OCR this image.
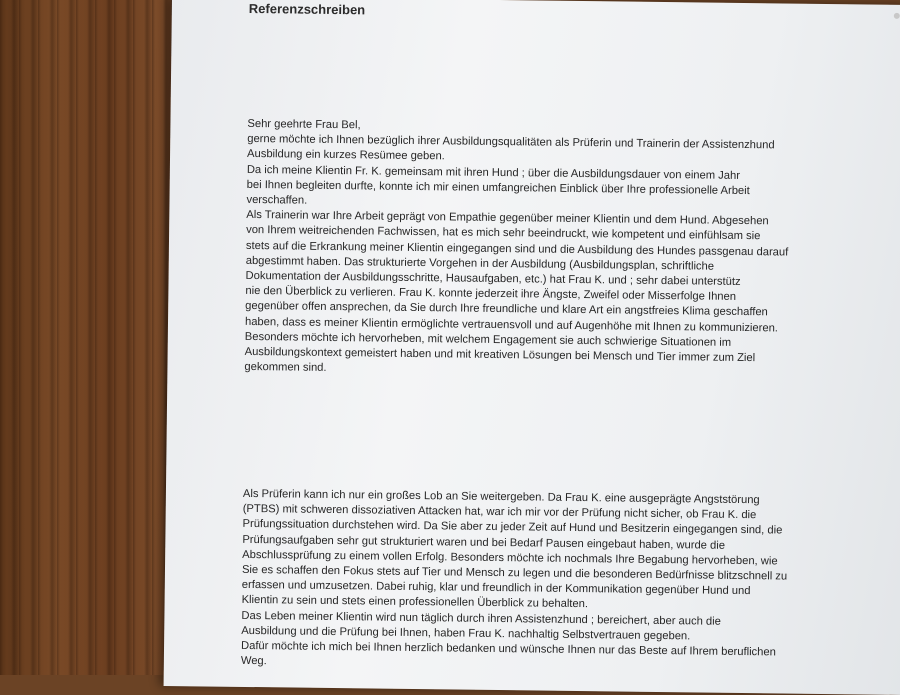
Referenzschreiben
Sehr geehrte Frau Bel,
gerne möchte ich Ihnen bezüglich ihrer Ausbildungsqualitäten als Prüferin und Trainerin der Assistenzhund
Ausbildung ein kurzes Resümee geben.
Da ich meine Klientin Fr. K. gemeinsam mit ihren Hund ; über die Ausbildungsdauer von einem Jahr
bei Ihnen begleiten durfte, konnte ich mir einen umfangreichen Einblick über Ihre professionelle Arbeit
verschaffen.
Als Trainerin war Ihre Arbeit geprägt von Empathie gegenüber meiner Klientin und dem Hund. Abgesehen
von Ihrem weitreichenden Fachwissen, hat es mich sehr beeindruckt, wie kompetent und einfühlsam sie
stets auf die Erkrankung meiner Klientin eingegangen sind und die Ausbildung des Hundes passgenau darauf
abgestimmt haben. Das strukturierte Vorgehen in der Ausbildung (Ausbildungsplan, schriftliche
Dokumentation der Ausbildungsschritte, Hausaufgaben, etc.) hat Frau K. und ; sehr dabei unterstütz
nie den Überblick zu verlieren. Frau K. konnte jederzeit ihre Ängste, Zweifel oder Misserfolge Ihnen
gegenüber offen ansprechen, da Sie durch Ihre freundliche und klare Art ein angstfreies Klima geschaffen
haben, dass es meiner Klientin ermöglichte vertrauensvoll und auf Augenhöhe mit Ihnen zu kommunizieren.
Besonders möchte ich hervorheben, mit welchem Engagement sie auch schwierige Situationen im
Ausbildungskontext gemeistert haben und mit kreativen Lösungen bei Mensch und Tier immer zum Ziel
gekommen sind.
Als Prüferin kann ich nur ein großes Lob an Sie weitergeben. Da Frau K. eine ausgeprägte Angststörung
(PTBS) mit schweren dissoziativen Attacken hat, war ich mir vor der Prüfung nicht sicher, ob Frau K. die
Prüfungssituation durchstehen wird. Da Sie aber zu jeder Zeit auf Hund und Besitzerin eingegangen sind, die
Prüfungsaufgaben sehr gut strukturiert waren und bei Bedarf Pausen eingebaut haben, wurde die
Abschlussprüfung zu einem vollen Erfolg. Besonders möchte ich nochmals Ihre Begabung hervorheben, wie
Sie es schaffen den Fokus stets auf Tier und Mensch zu legen und die besonderen Bedürfnisse blitzschnell zu
erfassen und umzusetzen. Dabei ruhig, klar und freundlich in der Kommunikation gegenüber Hund und
Klientin zu sein und stets einen professionellen Überblick zu behalten.
Das Leben meiner Klientin wird nun täglich durch ihren Assistenzhund ; bereichert, aber auch die
Ausbildung und die Prüfung bei Ihnen, haben Frau K. nachhaltig Selbstvertrauen gegeben.
Dafür möchte ich mich bei Ihnen herzlich bedanken und wünsche Ihnen nur das Beste auf Ihrem beruflichen
Weg.
